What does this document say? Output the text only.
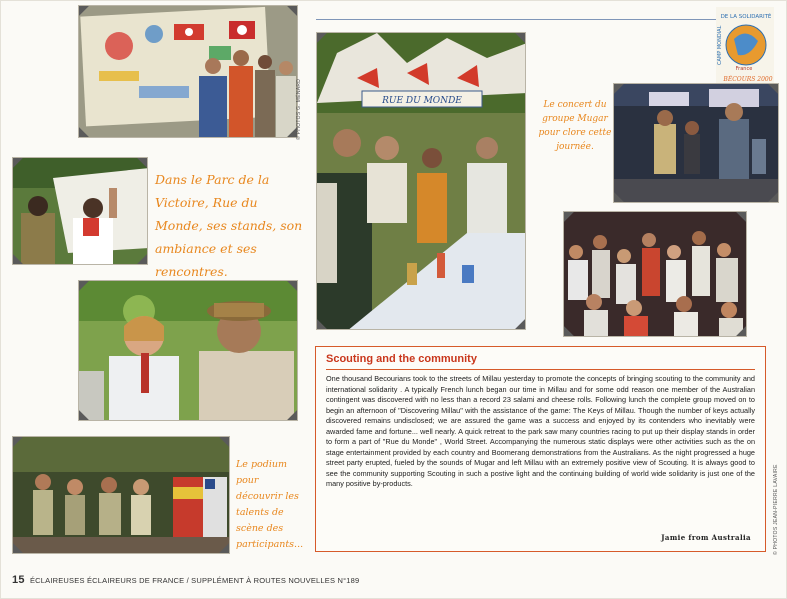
© PHOTOS G. MÉNARD
Dans le Parc de la Victoire, Rue du Monde, ses stands, son ambiance et ses rencontres.
RUE DU MONDE
DE LA SOLIDARITÉ
CAMP MONDIAL
France
BÉCOURS 2000
Le concert du groupe Mugar pour clore cette journée.
Le podium pour découvrir les talents de scène des participants...
Scouting and the community

One thousand Becourians took to the streets of Millau yesterday to promote the concepts of bringing scouting to the community and international solidarity . A typically French lunch began our time in Millau and for some odd reason one member of the Australian contingent was discovered with no less than a record 23 salami and cheese rolls. Following lunch the complete group moved on to begin an afternoon of "Discovering Millau" with the assistance of the game: The Keys of Millau. Though the number of keys actually discovered remains undisclosed; we are assured the game was a success and enjoyed by its contenders who inevitably were awarded fame and fortune... well nearly. A quick retreat to the park saw many countries racing to put up their display stands in order to form a part of "Rue du Monde" , World Street. Accompanying the numerous static displays were other activities such as the on stage entertainment provided by each country and Boomerang demonstrations from the Australians. As the night progressed a huge street party erupted, fueled by the sounds of Mugar and left Millau with an extremely positive view of Scouting. It is always good to see the community supporting Scouting in such a postive light and the continuing building of world wide solidarity is just one of the many positive by-products.

Jamie from Australia	© PHOTOS JEAN-PIERRE LAVAIRE
15 ÉCLAIREUSES ÉCLAIREURS DE FRANCE / SUPPLÉMENT À ROUTES NOUVELLES N°189
